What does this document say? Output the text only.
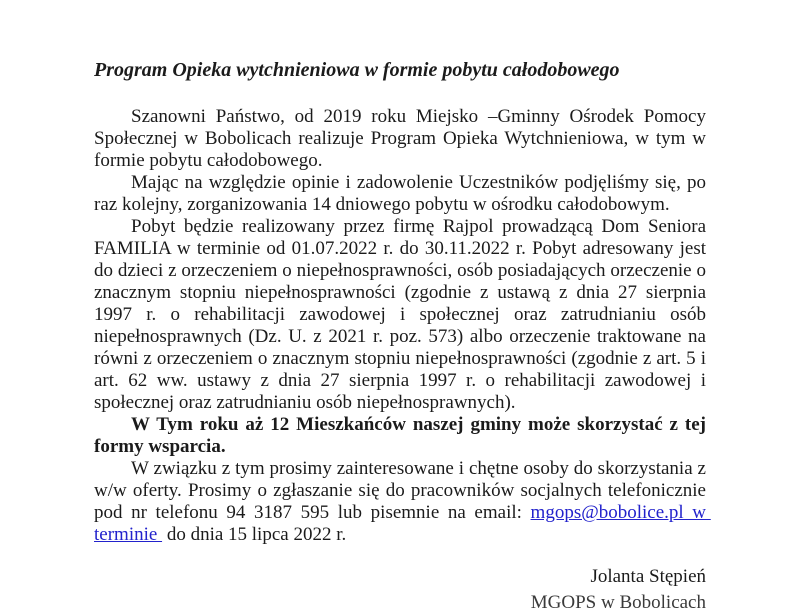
Program Opieka wytchnieniowa w formie pobytu całodobowego

Szanowni Państwo, od 2019 roku Miejsko –Gminny Ośrodek Pomocy Społecznej w Bobolicach realizuje Program Opieka Wytchnieniowa, w tym w formie pobytu całodobowego.

Mając na względzie opinie i zadowolenie Uczestników podjęliśmy się, po raz kolejny, zorganizowania 14 dniowego pobytu w ośrodku całodobowym.

Pobyt będzie realizowany przez firmę Rajpol prowadzącą Dom Seniora FAMILIA w terminie od 01.07.2022 r. do 30.11.2022 r. Pobyt adresowany jest do dzieci z orzeczeniem o niepełnosprawności, osób posiadających orzeczenie o znacznym stopniu niepełnosprawności (zgodnie z ustawą z dnia 27 sierpnia 1997 r. o rehabilitacji zawodowej i społecznej oraz zatrudnianiu osób niepełnosprawnych (Dz. U. z 2021 r. poz. 573) albo orzeczenie traktowane na równi z orzeczeniem o znacznym stopniu niepełnosprawności (zgodnie z art. 5 i art. 62 ww. ustawy z dnia 27 sierpnia 1997 r. o rehabilitacji zawodowej i społecznej oraz zatrudnianiu osób niepełnosprawnych).

W Tym roku aż 12 Mieszkańców naszej gminy może skorzystać z tej formy wsparcia.

W związku z tym prosimy zainteresowane i chętne osoby do skorzystania z w/w oferty. Prosimy o zgłaszanie się do pracowników socjalnych telefonicznie pod nr telefonu 94 3187 595 lub pisemnie na email: mgops@bobolice.pl w terminie  do dnia 15 lipca 2022 r.

Jolanta Stępień
MGOPS w Bobolicach
